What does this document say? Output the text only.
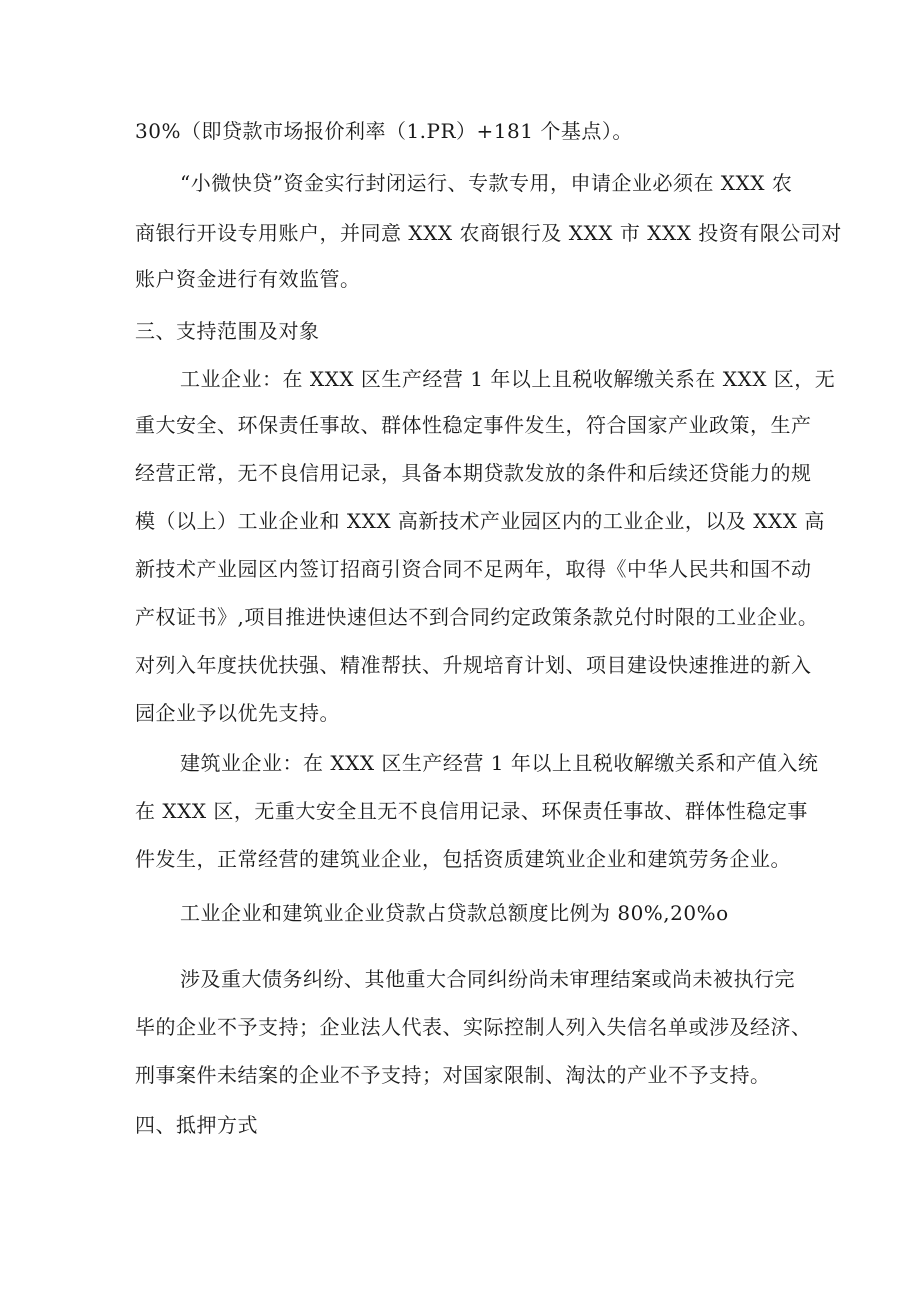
30%（即贷款市场报价利率（1.PR）+181 个基点）。
“小微快贷”资金实行封闭运行、专款专用，申请企业必须在 XXX 农
商银行开设专用账户，并同意 XXX 农商银行及 XXX 市 XXX 投资有限公司对
账户资金进行有效监管。
三、支持范围及对象
工业企业：在 XXX 区生产经营 1 年以上且税收解缴关系在 XXX 区，无
重大安全、环保责任事故、群体性稳定事件发生，符合国家产业政策，生产
经营正常，无不良信用记录，具备本期贷款发放的条件和后续还贷能力的规
模（以上）工业企业和 XXX 高新技术产业园区内的工业企业，以及 XXX 高
新技术产业园区内签订招商引资合同不足两年，取得《中华人民共和国不动
产权证书》,项目推进快速但达不到合同约定政策条款兑付时限的工业企业。
对列入年度扶优扶强、精准帮扶、升规培育计划、项目建设快速推进的新入
园企业予以优先支持。
建筑业企业：在 XXX 区生产经营 1 年以上且税收解缴关系和产值入统
在 XXX 区，无重大安全且无不良信用记录、环保责任事故、群体性稳定事
件发生，正常经营的建筑业企业，包括资质建筑业企业和建筑劳务企业。
工业企业和建筑业企业贷款占贷款总额度比例为 80%,20%o
涉及重大债务纠纷、其他重大合同纠纷尚未审理结案或尚未被执行完
毕的企业不予支持；企业法人代表、实际控制人列入失信名单或涉及经济、
刑事案件未结案的企业不予支持；对国家限制、淘汰的产业不予支持。
四、抵押方式
